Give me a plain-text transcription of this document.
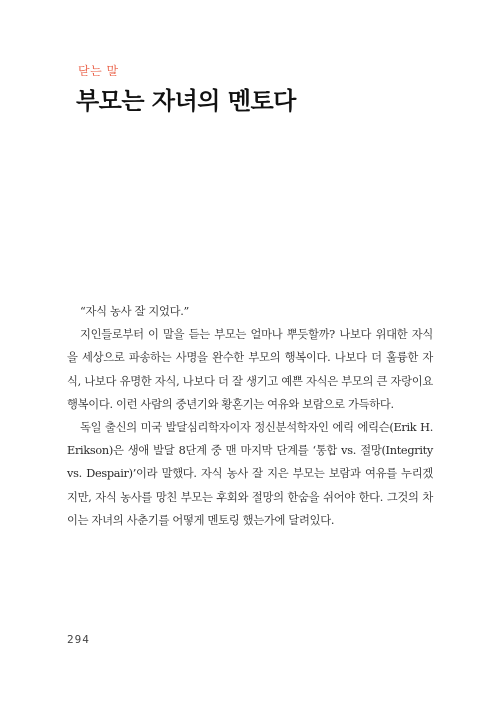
닫는 말
부모는 자녀의 멘토다

“자식 농사 잘 지었다.”

지인들로부터 이 말을 듣는 부모는 얼마나 뿌듯할까? 나보다 위대한 자식을 세상으로 파송하는 사명을 완수한 부모의 행복이다. 나보다 더 훌륭한 자식, 나보다 유명한 자식, 나보다 더 잘 생기고 예쁜 자식은 부모의 큰 자랑이요 행복이다. 이런 사람의 중년기와 황혼기는 여유와 보람으로 가득하다.

독일 출신의 미국 발달심리학자이자 정신분석학자인 에릭 에릭슨(Erik H. Erikson)은 생애 발달 8단계 중 맨 마지막 단계를 ‘통합 vs. 절망(Integrity vs. Despair)’이라 말했다. 자식 농사 잘 지은 부모는 보람과 여유를 누리겠지만, 자식 농사를 망친 부모는 후회와 절망의 한숨을 쉬어야 한다. 그것의 차이는 자녀의 사춘기를 어떻게 멘토링 했는가에 달려있다.

294
